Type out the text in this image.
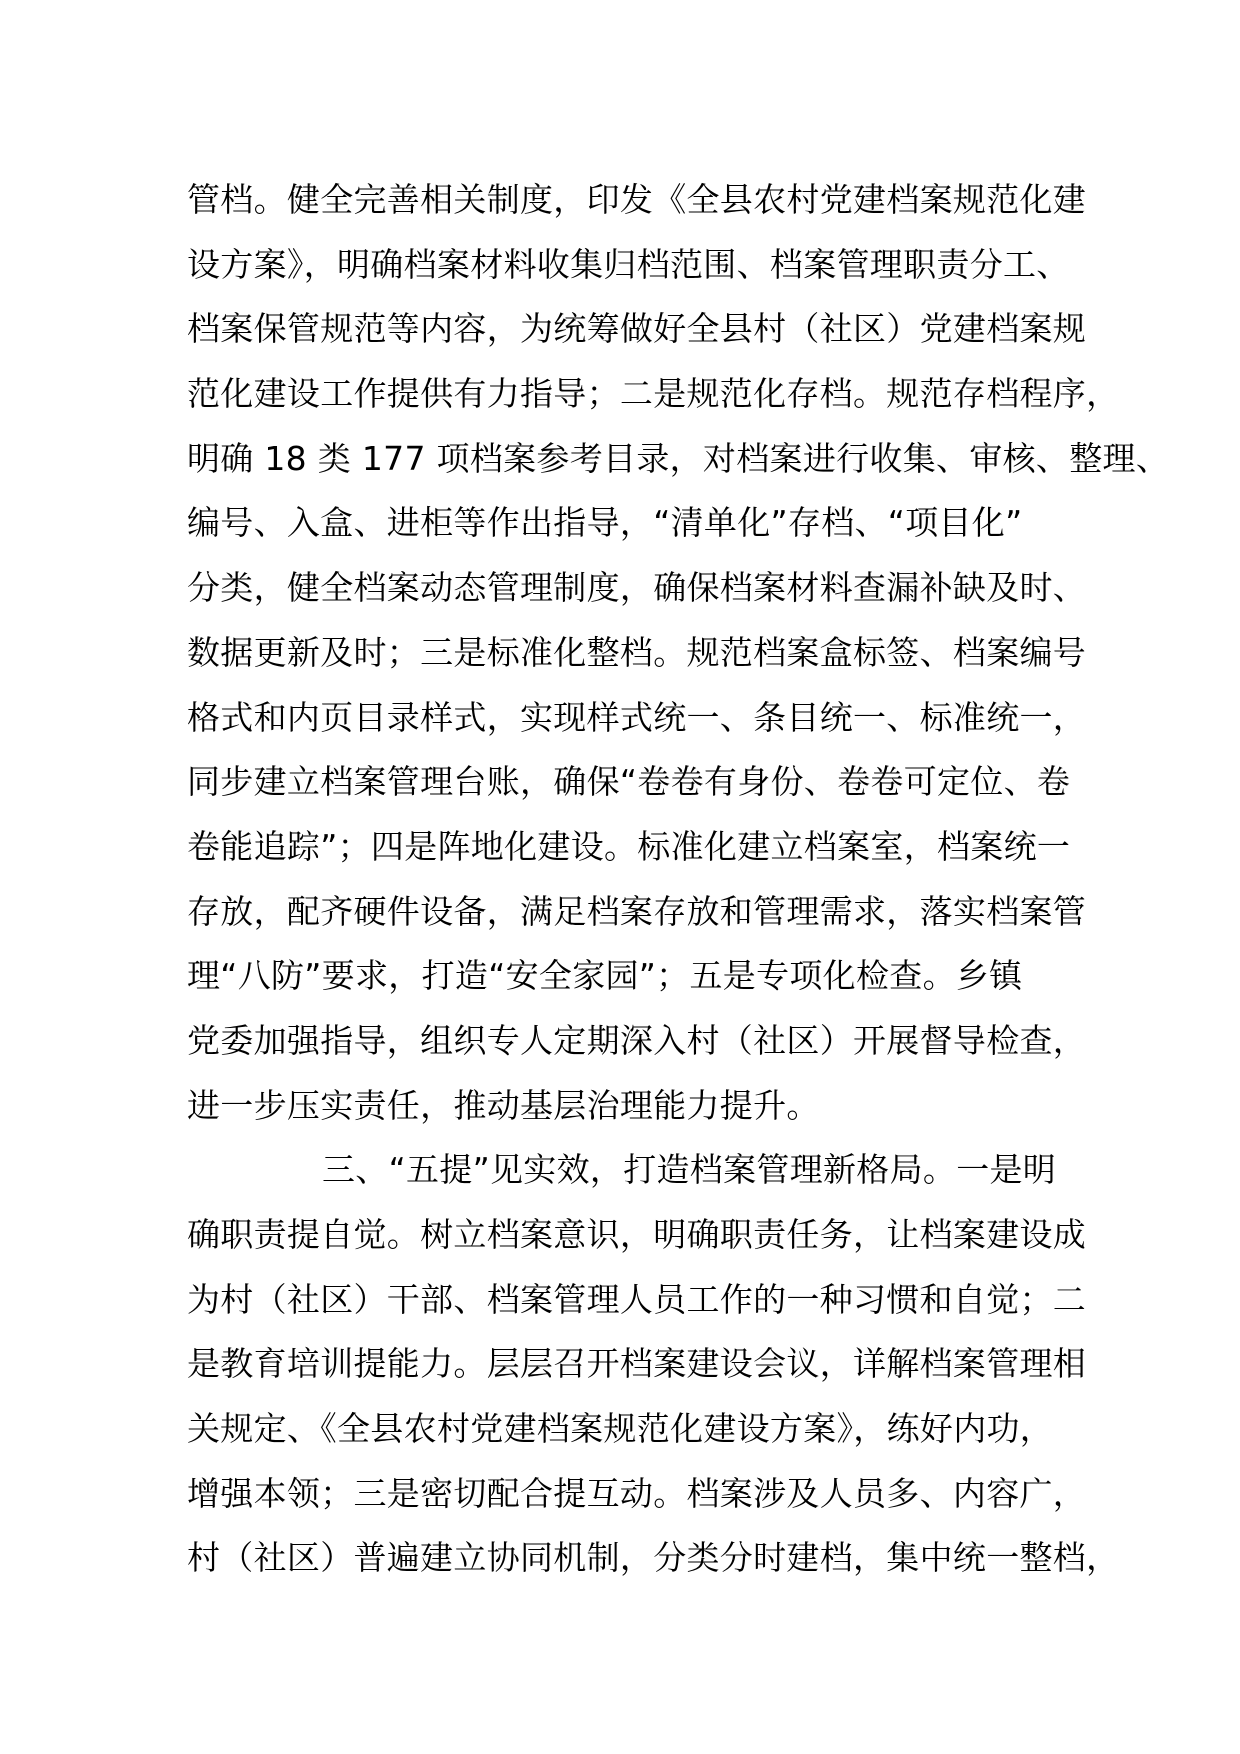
管档。健全完善相关制度，印发《全县农村党建档案规范化建
设方案》，明确档案材料收集归档范围、档案管理职责分工、
档案保管规范等内容，为统筹做好全县村（社区）党建档案规
范化建设工作提供有力指导；二是规范化存档。规范存档程序，
明确 18 类 177 项档案参考目录，对档案进行收集、审核、整理、
编号、入盒、进柜等作出指导，“清单化”存档、“项目化”
分类，健全档案动态管理制度，确保档案材料查漏补缺及时、
数据更新及时；三是标准化整档。规范档案盒标签、档案编号
格式和内页目录样式，实现样式统一、条目统一、标准统一，
同步建立档案管理台账，确保“卷卷有身份、卷卷可定位、卷
卷能追踪”；四是阵地化建设。标准化建立档案室，档案统一
存放，配齐硬件设备，满足档案存放和管理需求，落实档案管
理“八防”要求，打造“安全家园”；五是专项化检查。乡镇
党委加强指导，组织专人定期深入村（社区）开展督导检查，
进一步压实责任，推动基层治理能力提升。
三、“五提”见实效，打造档案管理新格局。一是明
确职责提自觉。树立档案意识，明确职责任务，让档案建设成
为村（社区）干部、档案管理人员工作的一种习惯和自觉；二
是教育培训提能力。层层召开档案建设会议，详解档案管理相
关规定、《全县农村党建档案规范化建设方案》，练好内功，
增强本领；三是密切配合提互动。档案涉及人员多、内容广，
村（社区）普遍建立协同机制，分类分时建档，集中统一整档，
